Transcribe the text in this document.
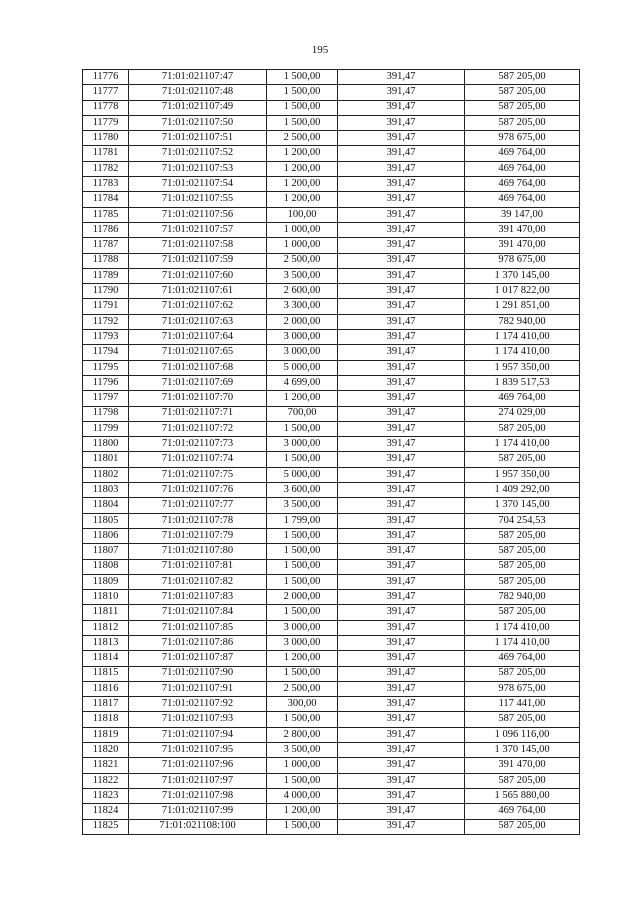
195
11776	71:01:021107:47	1 500,00	391,47	587 205,00
11777	71:01:021107:48	1 500,00	391,47	587 205,00
11778	71:01:021107:49	1 500,00	391,47	587 205,00
11779	71:01:021107:50	1 500,00	391,47	587 205,00
11780	71:01:021107:51	2 500,00	391,47	978 675,00
11781	71:01:021107:52	1 200,00	391,47	469 764,00
11782	71:01:021107:53	1 200,00	391,47	469 764,00
11783	71:01:021107:54	1 200,00	391,47	469 764,00
11784	71:01:021107:55	1 200,00	391,47	469 764,00
11785	71:01:021107:56	100,00	391,47	39 147,00
11786	71:01:021107:57	1 000,00	391,47	391 470,00
11787	71:01:021107:58	1 000,00	391,47	391 470,00
11788	71:01:021107:59	2 500,00	391,47	978 675,00
11789	71:01:021107:60	3 500,00	391,47	1 370 145,00
11790	71:01:021107:61	2 600,00	391,47	1 017 822,00
11791	71:01:021107:62	3 300,00	391,47	1 291 851,00
11792	71:01:021107:63	2 000,00	391,47	782 940,00
11793	71:01:021107:64	3 000,00	391,47	1 174 410,00
11794	71:01:021107:65	3 000,00	391,47	1 174 410,00
11795	71:01:021107:68	5 000,00	391,47	1 957 350,00
11796	71:01:021107:69	4 699,00	391,47	1 839 517,53
11797	71:01:021107:70	1 200,00	391,47	469 764,00
11798	71:01:021107:71	700,00	391,47	274 029,00
11799	71:01:021107:72	1 500,00	391,47	587 205,00
11800	71:01:021107:73	3 000,00	391,47	1 174 410,00
11801	71:01:021107:74	1 500,00	391,47	587 205,00
11802	71:01:021107:75	5 000,00	391,47	1 957 350,00
11803	71:01:021107:76	3 600,00	391,47	1 409 292,00
11804	71:01:021107:77	3 500,00	391,47	1 370 145,00
11805	71:01:021107:78	1 799,00	391,47	704 254,53
11806	71:01:021107:79	1 500,00	391,47	587 205,00
11807	71:01:021107:80	1 500,00	391,47	587 205,00
11808	71:01:021107:81	1 500,00	391,47	587 205,00
11809	71:01:021107:82	1 500,00	391,47	587 205,00
11810	71:01:021107:83	2 000,00	391,47	782 940,00
11811	71:01:021107:84	1 500,00	391,47	587 205,00
11812	71:01:021107:85	3 000,00	391,47	1 174 410,00
11813	71:01:021107:86	3 000,00	391,47	1 174 410,00
11814	71:01:021107:87	1 200,00	391,47	469 764,00
11815	71:01:021107:90	1 500,00	391,47	587 205,00
11816	71:01:021107:91	2 500,00	391,47	978 675,00
11817	71:01:021107:92	300,00	391,47	117 441,00
11818	71:01:021107:93	1 500,00	391,47	587 205,00
11819	71:01:021107:94	2 800,00	391,47	1 096 116,00
11820	71:01:021107:95	3 500,00	391,47	1 370 145,00
11821	71:01:021107:96	1 000,00	391,47	391 470,00
11822	71:01:021107:97	1 500,00	391,47	587 205,00
11823	71:01:021107:98	4 000,00	391,47	1 565 880,00
11824	71:01:021107:99	1 200,00	391,47	469 764,00
11825	71:01:021108:100	1 500,00	391,47	587 205,00
